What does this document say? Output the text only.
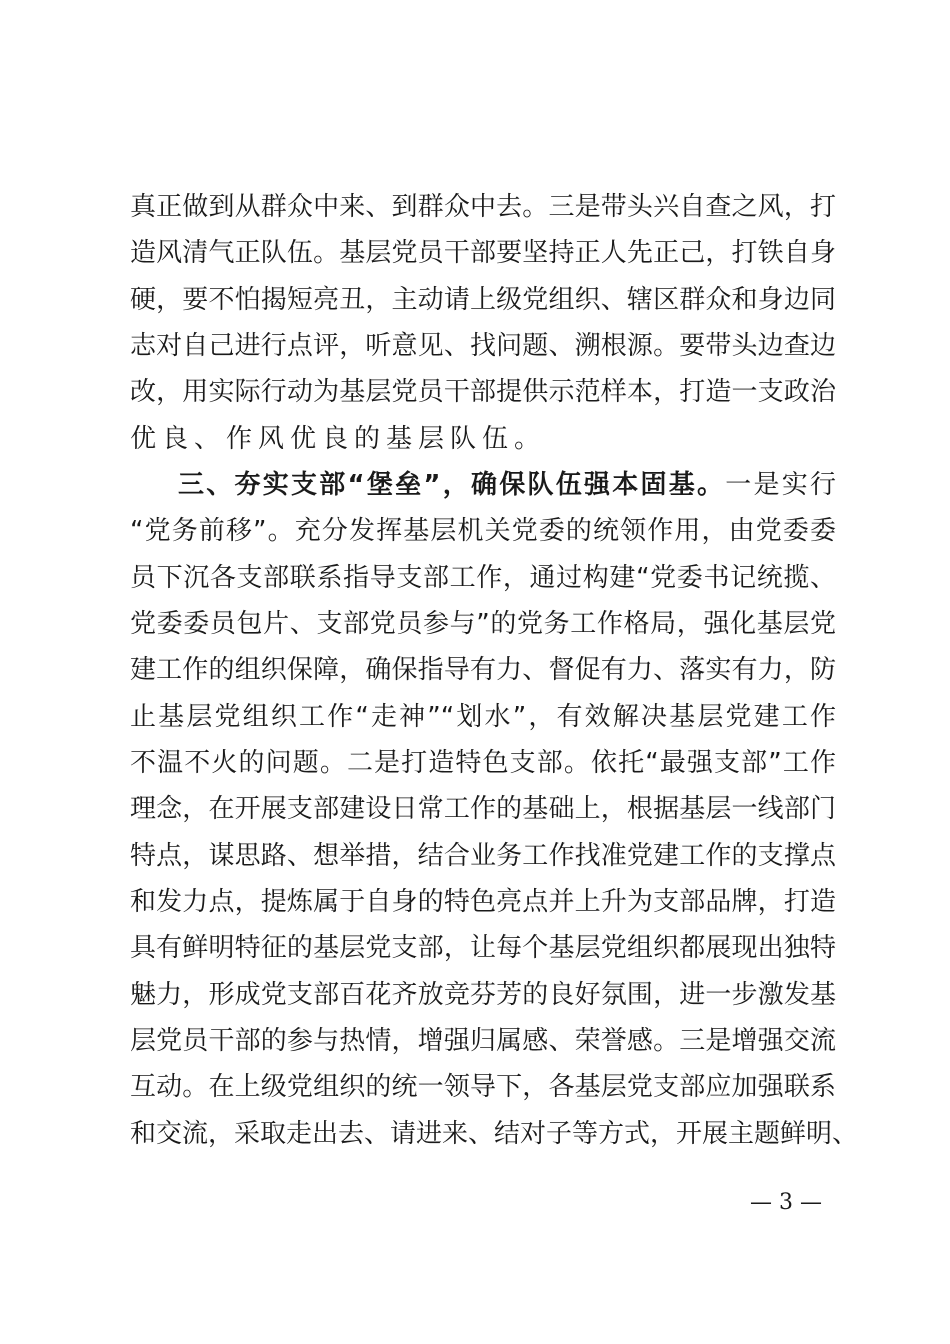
真正做到从群众中来、到群众中去。三是带头兴自查之风，打
造风清气正队伍。基层党员干部要坚持正人先正己，打铁自身
硬，要不怕揭短亮丑，主动请上级党组织、辖区群众和身边同
志对自己进行点评，听意见、找问题、溯根源。要带头边查边
改，用实际行动为基层党员干部提供示范样本，打造一支政治
优良、作风优良的基层队伍。
三、夯实支部“堡垒”，确保队伍强本固基。一是实行
“党务前移”。充分发挥基层机关党委的统领作用，由党委委
员下沉各支部联系指导支部工作，通过构建“党委书记统揽、
党委委员包片、支部党员参与”的党务工作格局，强化基层党
建工作的组织保障，确保指导有力、督促有力、落实有力，防
止基层党组织工作“走神”“划水”，有效解决基层党建工作
不温不火的问题。二是打造特色支部。依托“最强支部”工作
理念，在开展支部建设日常工作的基础上，根据基层一线部门
特点，谋思路、想举措，结合业务工作找准党建工作的支撑点
和发力点，提炼属于自身的特色亮点并上升为支部品牌，打造
具有鲜明特征的基层党支部，让每个基层党组织都展现出独特
魅力，形成党支部百花齐放竞芬芳的良好氛围，进一步激发基
层党员干部的参与热情，增强归属感、荣誉感。三是增强交流
互动。在上级党组织的统一领导下，各基层党支部应加强联系
和交流，采取走出去、请进来、结对子等方式，开展主题鲜明、
— 3 —
